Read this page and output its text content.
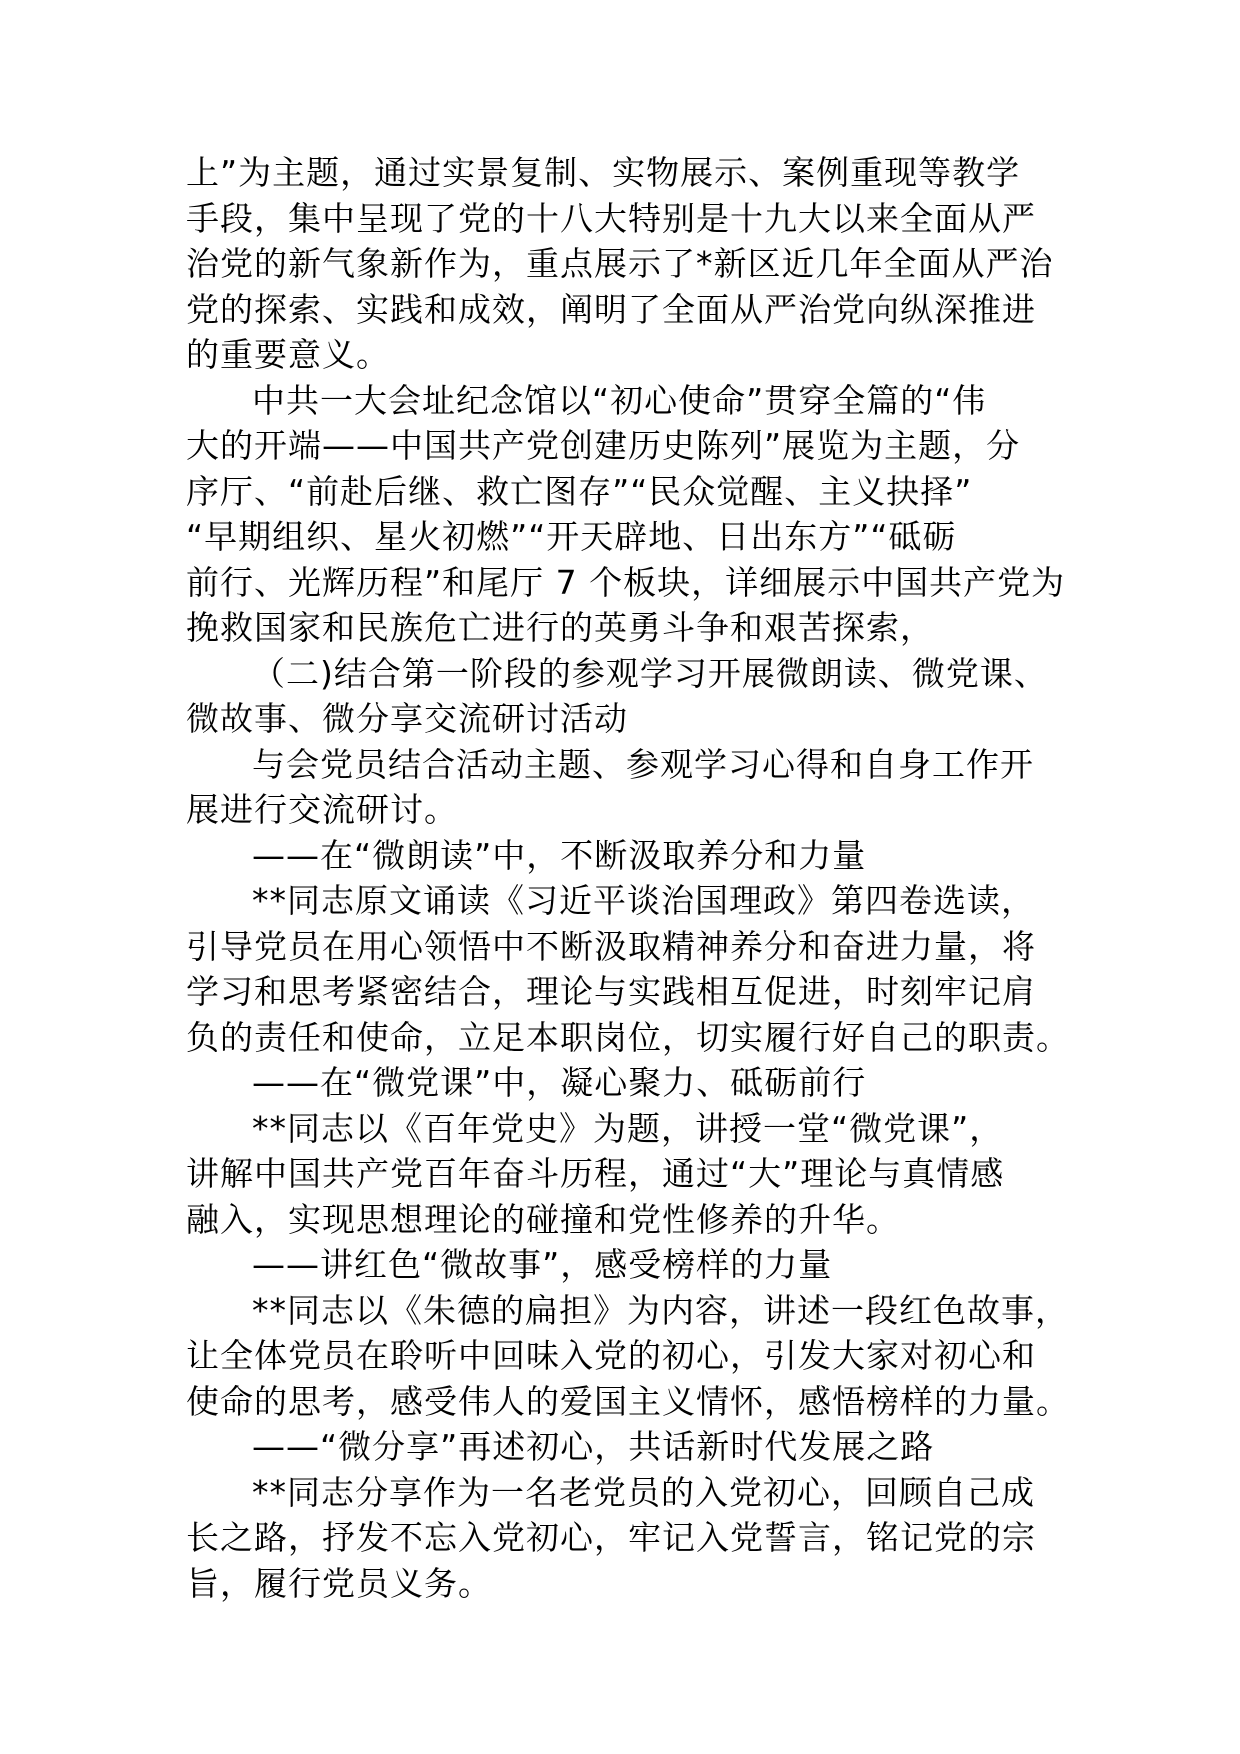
上”为主题，通过实景复制、实物展示、案例重现等教学
手段，集中呈现了党的十八大特别是十九大以来全面从严
治党的新气象新作为，重点展示了*新区近几年全面从严治
党的探索、实践和成效，阐明了全面从严治党向纵深推进
的重要意义。
中共一大会址纪念馆以“初心使命”贯穿全篇的“伟
大的开端——中国共产党创建历史陈列”展览为主题，分
序厅、“前赴后继、救亡图存”“民众觉醒、主义抉择”
“早期组织、星火初燃”“开天辟地、日出东方”“砥砺
前行、光辉历程”和尾厅 7 个板块，详细展示中国共产党为
挽救国家和民族危亡进行的英勇斗争和艰苦探索，
（二)结合第一阶段的参观学习开展微朗读、微党课、
微故事、微分享交流研讨活动
与会党员结合活动主题、参观学习心得和自身工作开
展进行交流研讨。
——在“微朗读”中，不断汲取养分和力量
**同志原文诵读《习近平谈治国理政》第四卷选读，
引导党员在用心领悟中不断汲取精神养分和奋进力量，将
学习和思考紧密结合，理论与实践相互促进，时刻牢记肩
负的责任和使命，立足本职岗位，切实履行好自己的职责。
——在“微党课”中，凝心聚力、砥砺前行
**同志以《百年党史》为题，讲授一堂“微党课”，
讲解中国共产党百年奋斗历程，通过“大”理论与真情感
融入，实现思想理论的碰撞和党性修养的升华。
——讲红色“微故事”，感受榜样的力量
**同志以《朱德的扁担》为内容，讲述一段红色故事，
让全体党员在聆听中回味入党的初心，引发大家对初心和
使命的思考，感受伟人的爱国主义情怀，感悟榜样的力量。
——“微分享”再述初心，共话新时代发展之路
**同志分享作为一名老党员的入党初心，回顾自己成
长之路，抒发不忘入党初心，牢记入党誓言，铭记党的宗
旨，履行党员义务。
